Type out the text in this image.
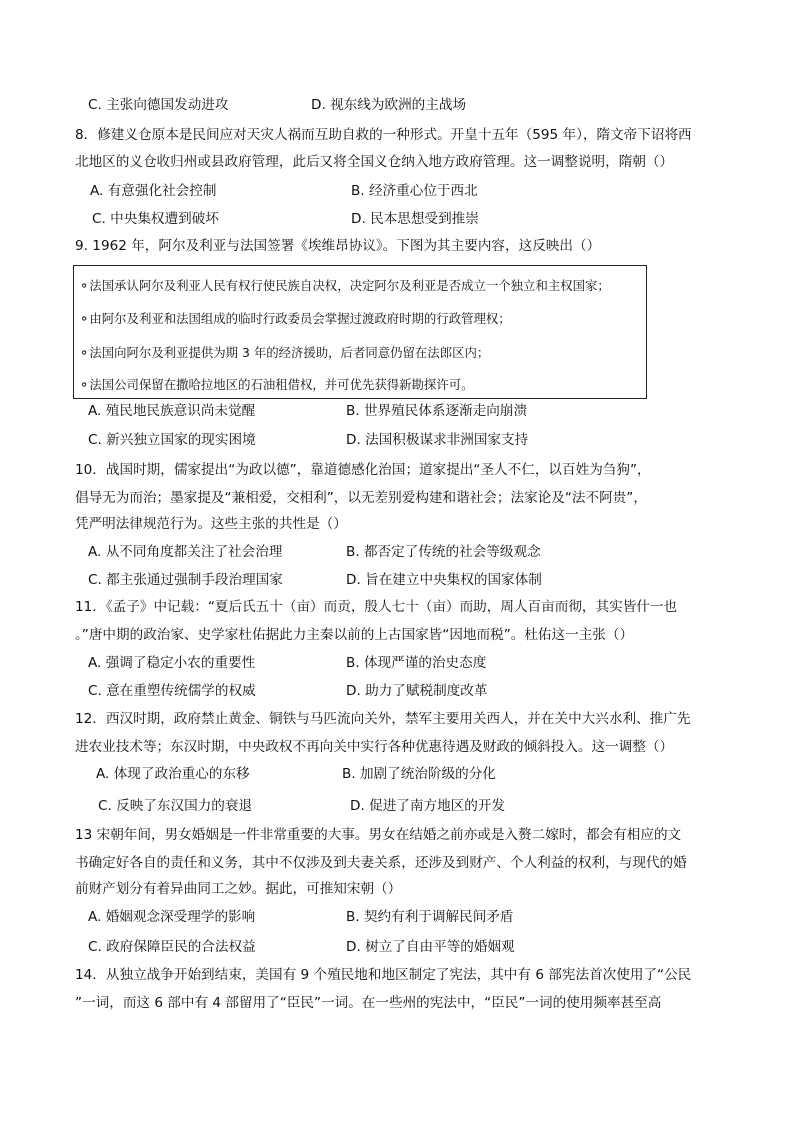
C. 主张向德国发动进攻	D. 视东线为欧洲的主战场
8．修建义仓原本是民间应对天灾人祸而互助自救的一种形式。开皇十五年（595 年），隋文帝下诏将西
北地区的义仓收归州或县政府管理，此后又将全国义仓纳入地方政府管理。这一调整说明，隋朝（）
A. 有意强化社会控制	B. 经济重心位于西北
C. 中央集权遭到破坏	D. 民本思想受到推崇
9. 1962 年，阿尔及利亚与法国签署《埃维昂协议》。下图为其主要内容，这反映出（）
⚬法国承认阿尔及利亚人民有权行使民族自决权，决定阿尔及利亚是否成立一个独立和主权国家；
⚬由阿尔及利亚和法国组成的临时行政委员会掌握过渡政府时期的行政管理权；
⚬法国向阿尔及利亚提供为期 3 年的经济援助，后者同意仍留在法郎区内；
⚬法国公司保留在撒哈拉地区的石油租借权，并可优先获得新勘探许可。
A. 殖民地民族意识尚未觉醒	B. 世界殖民体系逐渐走向崩溃
C. 新兴独立国家的现实困境	D. 法国积极谋求非洲国家支持
10．战国时期，儒家提出“为政以德”，靠道德感化治国；道家提出“圣人不仁，以百姓为刍狗”，
倡导无为而治；墨家提及“兼相爱，交相利”，以无差别爱构建和谐社会；法家论及“法不阿贵”，
凭严明法律规范行为。这些主张的共性是（）
A. 从不同角度都关注了社会治理	B. 都否定了传统的社会等级观念
C. 都主张通过强制手段治理国家	D. 旨在建立中央集权的国家体制
11．《孟子》中记载：“夏后氏五十（亩）而贡，殷人七十（亩）而助，周人百亩而彻，其实皆什一也
。”唐中期的政治家、史学家杜佑据此力主秦以前的上古国家皆“因地而税”。杜佑这一主张（）
A. 强调了稳定小农的重要性	B. 体现严谨的治史态度
C. 意在重塑传统儒学的权威	D. 助力了赋税制度改革
12．西汉时期，政府禁止黄金、铜铁与马匹流向关外，禁军主要用关西人，并在关中大兴水利、推广先
进农业技术等；东汉时期，中央政权不再向关中实行各种优惠待遇及财政的倾斜投入。这一调整（）
A. 体现了政治重心的东移	B. 加剧了统治阶级的分化
C. 反映了东汉国力的衰退	D. 促进了南方地区的开发
13 宋朝年间，男女婚姻是一件非常重要的大事。男女在结婚之前亦或是入赘二嫁时，都会有相应的文
书确定好各自的责任和义务，其中不仅涉及到夫妻关系，还涉及到财产、个人利益的权利，与现代的婚
前财产划分有着异曲同工之妙。据此，可推知宋朝（）
A. 婚姻观念深受理学的影响	B. 契约有利于调解民间矛盾
C. 政府保障臣民的合法权益	D. 树立了自由平等的婚姻观
14．从独立战争开始到结束，美国有 9 个殖民地和地区制定了宪法，其中有 6 部宪法首次使用了“公民
”一词，而这 6 部中有 4 部留用了“臣民”一词。在一些州的宪法中，“臣民”一词的使用频率甚至高
